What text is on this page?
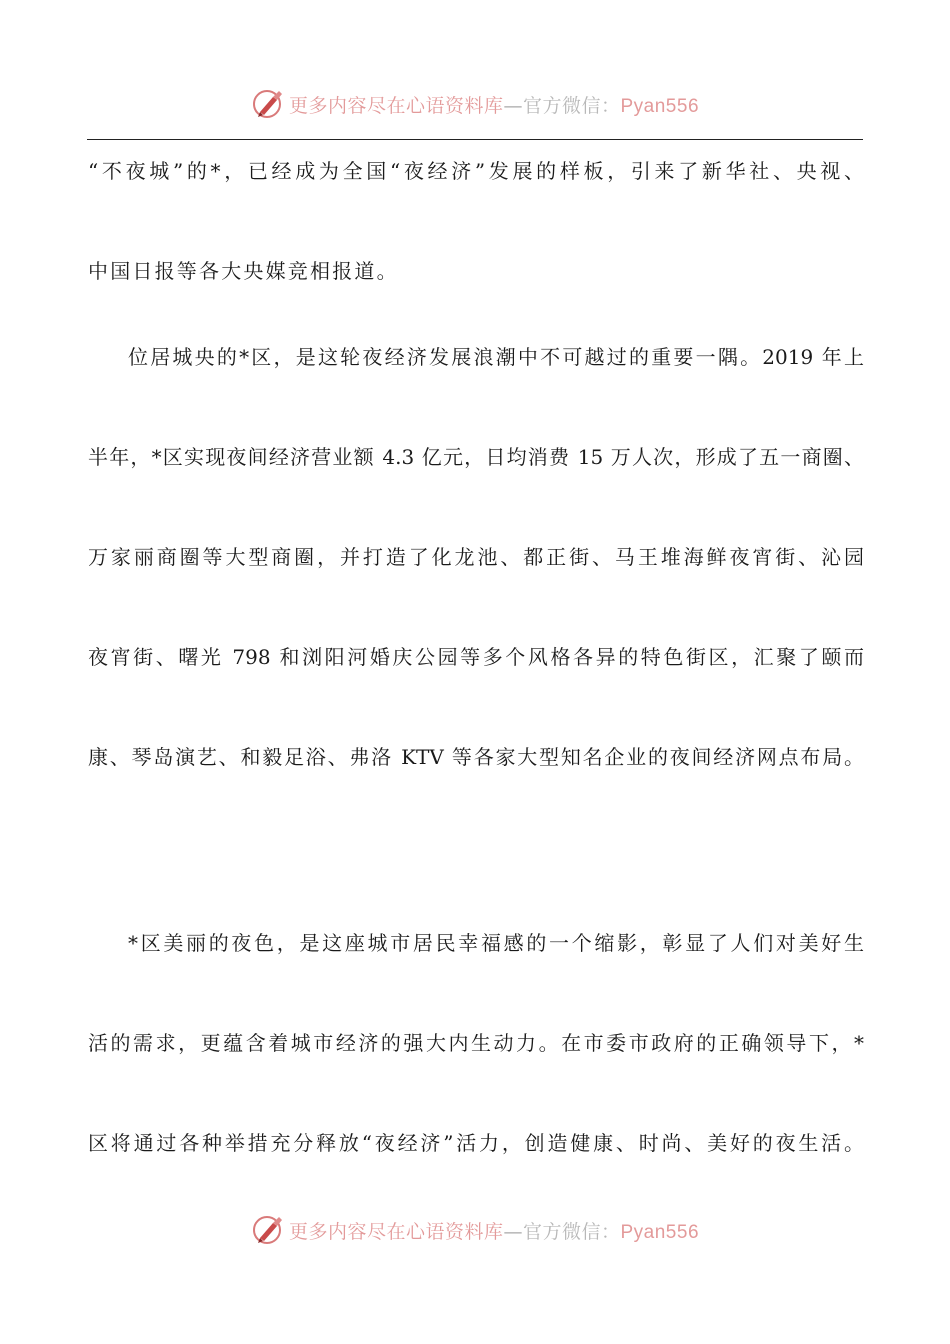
更多内容尽在心语资料库—官方微信：Pyan556
“不夜城”的*，已经成为全国“夜经济”发展的样板，引来了新华社、央视、
中国日报等各大央媒竞相报道。
位居城央的*区，是这轮夜经济发展浪潮中不可越过的重要一隅。2019 年上
半年，*区实现夜间经济营业额 4.3 亿元，日均消费 15 万人次，形成了五一商圈、
万家丽商圈等大型商圈，并打造了化龙池、都正街、马王堆海鲜夜宵街、沁园
夜宵街、曙光 798 和浏阳河婚庆公园等多个风格各异的特色街区，汇聚了颐而
康、琴岛演艺、和毅足浴、弗洛 KTV 等各家大型知名企业的夜间经济网点布局。
*区美丽的夜色，是这座城市居民幸福感的一个缩影，彰显了人们对美好生
活的需求，更蕴含着城市经济的强大内生动力。在市委市政府的正确领导下，*
区将通过各种举措充分释放“夜经济”活力，创造健康、时尚、美好的夜生活。
更多内容尽在心语资料库—官方微信：Pyan556
